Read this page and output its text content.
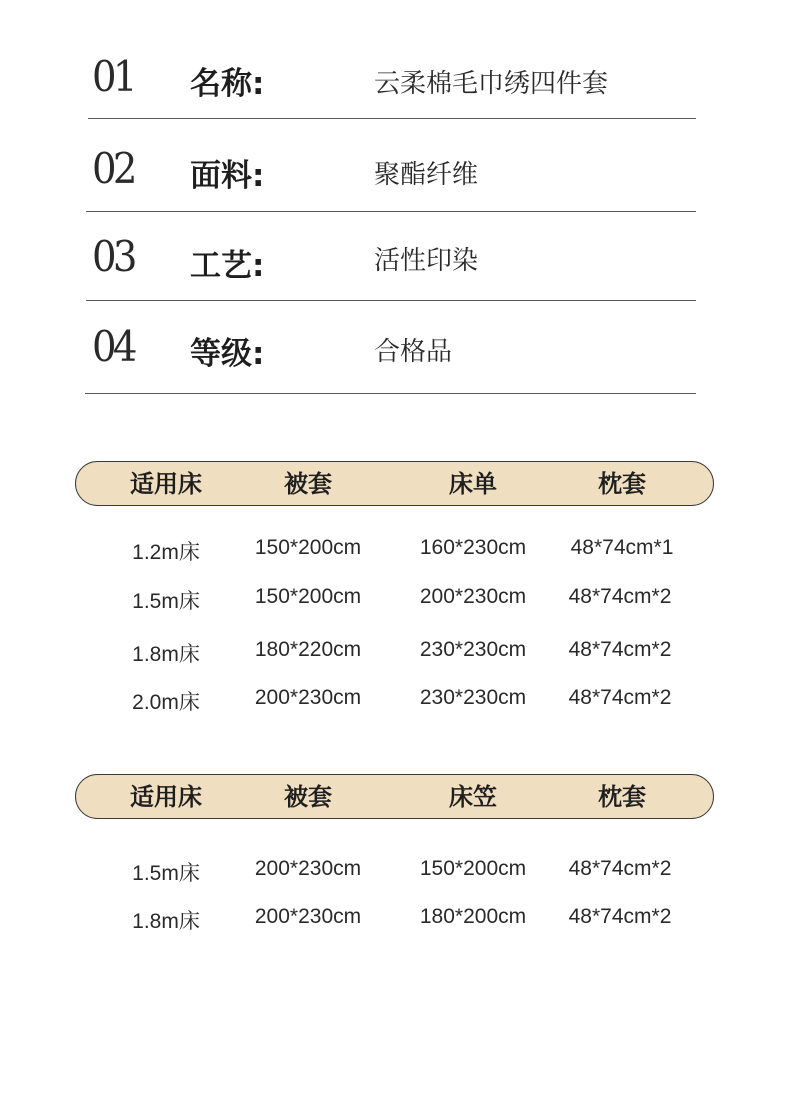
01 名称:	云柔棉毛巾绣四件套
02 面料:	聚酯纤维
03 工艺:	活性印染
04 等级:	合格品
适用床	被套	床单	枕套
1.2m床	150*200cm	160*230cm 48*74cm*1
1.5m床	150*200cm	200*230cm 48*74cm*2
1.8m床	180*220cm	230*230cm 48*74cm*2
2.0m床	200*230cm	230*230cm 48*74cm*2
适用床	被套	床笠	枕套
1.5m床	200*230cm	150*200cm 48*74cm*2
1.8m床	200*230cm	180*200cm 48*74cm*2
